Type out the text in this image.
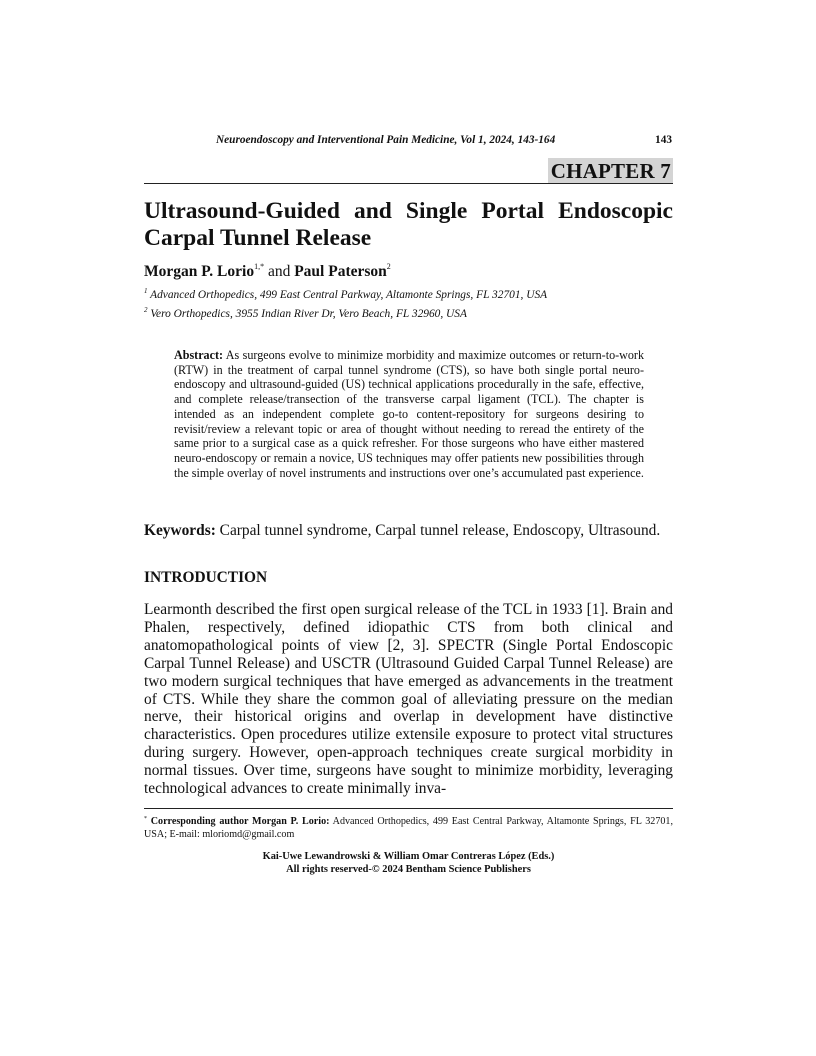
Neuroendoscopy and Interventional Pain Medicine, Vol 1, 2024, 143-164	143
CHAPTER 7
Ultrasound-Guided and Single Portal Endoscopic Carpal Tunnel Release
Morgan P. Lorio$^{1,*}$ and Paul Paterson$^2$
$^1$ Advanced Orthopedics, 499 East Central Parkway, Altamonte Springs, FL 32701, USA
$^2$ Vero Orthopedics, 3955 Indian River Dr, Vero Beach, FL 32960, USA

Abstract: As surgeons evolve to minimize morbidity and maximize outcomes or return-to-work (RTW) in the treatment of carpal tunnel syndrome (CTS), so have both single portal neuro-endoscopy and ultrasound-guided (US) technical applications procedurally in the safe, effective, and complete release/transection of the transverse carpal ligament (TCL). The chapter is intended as an independent complete go-to content-repository for surgeons desiring to revisit/review a relevant topic or area of thought without needing to reread the entirety of the same prior to a surgical case as a quick refresher. For those surgeons who have either mastered neuro-endoscopy or remain a novice, US techniques may offer patients new possibilities through the simple overlay of novel instruments and instructions over one’s accumulated past experience.

Keywords: Carpal tunnel syndrome, Carpal tunnel release, Endoscopy, Ultrasound.

INTRODUCTION

Learmonth described the first open surgical release of the TCL in 1933 [1]. Brain and Phalen, respectively, defined idiopathic CTS from both clinical and anatomopathological points of view [2, 3]. SPECTR (Single Portal Endoscopic Carpal Tunnel Release) and USCTR (Ultrasound Guided Carpal Tunnel Release) are two modern surgical techniques that have emerged as advancements in the treatment of CTS. While they share the common goal of alleviating pressure on the median nerve, their historical origins and overlap in development have distinctive characteristics. Open procedures utilize extensile exposure to protect vital structures during surgery. However, open-approach techniques create surgical morbidity in normal tissues. Over time, surgeons have sought to minimize morbidity, leveraging technological advances to create minimally inva-

* Corresponding author Morgan P. Lorio: Advanced Orthopedics, 499 East Central Parkway, Altamonte Springs, FL 32701, USA; E-mail: mloriomd@gmail.com

Kai-Uwe Lewandrowski & William Omar Contreras López (Eds.)
All rights reserved-© 2024 Bentham Science Publishers
